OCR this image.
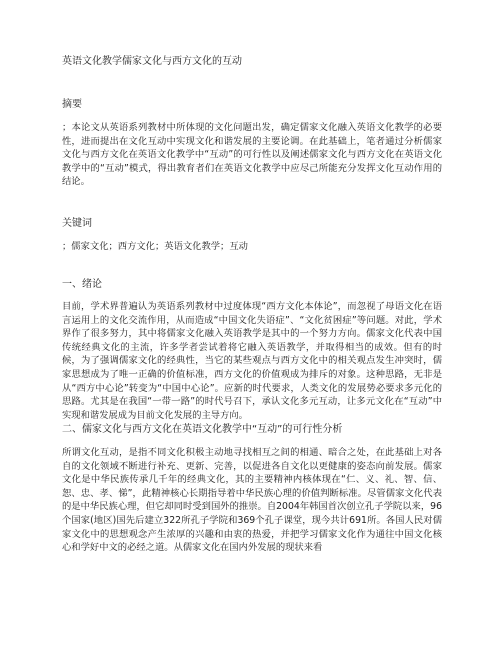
英语文化教学儒家文化与西方文化的互动
摘要
；本论文从英语系列教材中所体现的文化问题出发，确定儒家文化融入英语文化教学的必要性，进而提出在文化互动中实现文化和谐发展的主要论调。在此基础上，笔者通过分析儒家文化与西方文化在英语文化教学中“互动”的可行性以及阐述儒家文化与西方文化在英语文化教学中的“互动”模式，得出教育者们在英语文化教学中应尽己所能充分发挥文化互动作用的结论。
关键词
；儒家文化；西方文化；英语文化教学；互动
一、绪论
目前，学术界普遍认为英语系列教材中过度体现“西方文化本体论”，而忽视了母语文化在语言运用上的文化交流作用，从而造成“中国文化失语症”、“文化贫困症”等问题。对此，学术界作了很多努力，其中将儒家文化融入英语教学是其中的一个努力方向。儒家文化代表中国传统经典文化的主流，许多学者尝试着将它融入英语教学，并取得相当的成效。但有的时候，为了强调儒家文化的经典性，当它的某些观点与西方文化中的相关观点发生冲突时，儒家思想成为了唯一正确的价值标准，西方文化的价值观成为排斥的对象。这种思路，无非是从“西方中心论”转变为“中国中心论”。应新的时代要求，人类文化的发展势必要求多元化的思路。尤其是在我国“一带一路”的时代号召下，承认文化多元互动，让多元文化在“互动”中实现和谐发展成为目前文化发展的主导方向。
二、儒家文化与西方文化在英语文化教学中“互动”的可行性分析
所谓文化互动，是指不同文化积极主动地寻找相互之间的相通、暗合之处，在此基础上对各自的文化领域不断进行补充、更新、完善，以促进各自文化以更健康的姿态向前发展。儒家文化是中华民族传承几千年的经典文化，其的主要精神内核体现在“仁、义、礼、智、信、恕、忠、孝、悌”，此精神核心长期指导着中华民族心理的价值判断标准。尽管儒家文化代表的是中华民族心理，但它却同时受到国外的推崇。自2004年韩国首次创立孔子学院以来，96个国家(地区)国先后建立322所孔子学院和369个孔子课堂，现今共计691所。各国人民对儒家文化中的思想观念产生浓厚的兴趣和由衷的热爱，并把学习儒家文化作为通往中国文化核心和学好中文的必经之道。从儒家文化在国内外发展的现状来看
